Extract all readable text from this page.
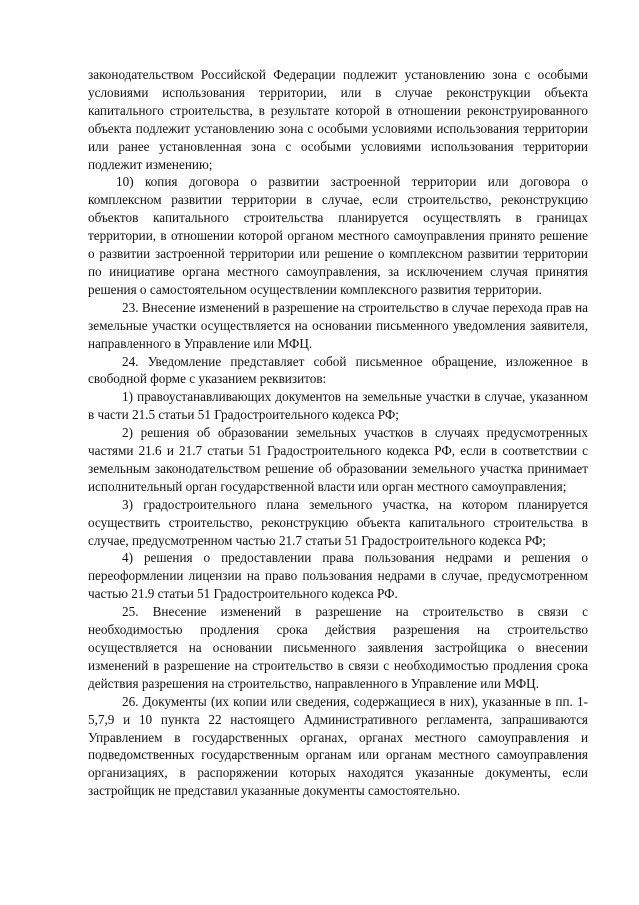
законодательством Российской Федерации подлежит установлению зона с особыми условиями использования территории, или в случае реконструкции объекта капитального строительства, в результате которой в отношении реконструированного объекта подлежит установлению зона с особыми условиями использования территории или ранее установленная зона с особыми условиями использования территории подлежит изменению;

10) копия договора о развитии застроенной территории или договора о комплексном развитии территории в случае, если строительство, реконструкцию объектов капитального строительства планируется осуществлять в границах территории, в отношении которой органом местного самоуправления принято решение о развитии застроенной территории или решение о комплексном развитии территории по инициативе органа местного самоуправления, за исключением случая принятия решения о самостоятельном осуществлении комплексного развития территории.

23. Внесение изменений в разрешение на строительство в случае перехода прав на земельные участки осуществляется на основании письменного уведомления заявителя, направленного в Управление или МФЦ.

24. Уведомление представляет собой письменное обращение, изложенное в свободной форме с указанием реквизитов:

1) правоустанавливающих документов на земельные участки в случае, указанном в части 21.5 статьи 51 Градостроительного кодекса РФ;

2) решения об образовании земельных участков в случаях предусмотренных частями 21.6 и 21.7 статьи 51 Градостроительного кодекса РФ, если в соответствии с земельным законодательством решение об образовании земельного участка принимает исполнительный орган государственной власти или орган местного самоуправления;

3) градостроительного плана земельного участка, на котором планируется осуществить строительство, реконструкцию объекта капитального строительства в случае, предусмотренном частью 21.7 статьи 51 Градостроительного кодекса РФ;

4) решения о предоставлении права пользования недрами и решения о переоформлении лицензии на право пользования недрами в случае, предусмотренном частью 21.9 статьи 51 Градостроительного кодекса РФ.

25. Внесение изменений в разрешение на строительство в связи с необходимостью продления срока действия разрешения на строительство осуществляется на основании письменного заявления застройщика о внесении изменений в разрешение на строительство в связи с необходимостью продления срока действия разрешения на строительство, направленного в Управление или МФЦ.

26. Документы (их копии или сведения, содержащиеся в них), указанные в пп. 1-5,7,9 и 10 пункта 22 настоящего Административного регламента, запрашиваются Управлением в государственных органах, органах местного самоуправления и подведомственных государственным органам или органам местного самоуправления организациях, в распоряжении которых находятся указанные документы, если застройщик не представил указанные документы самостоятельно.
